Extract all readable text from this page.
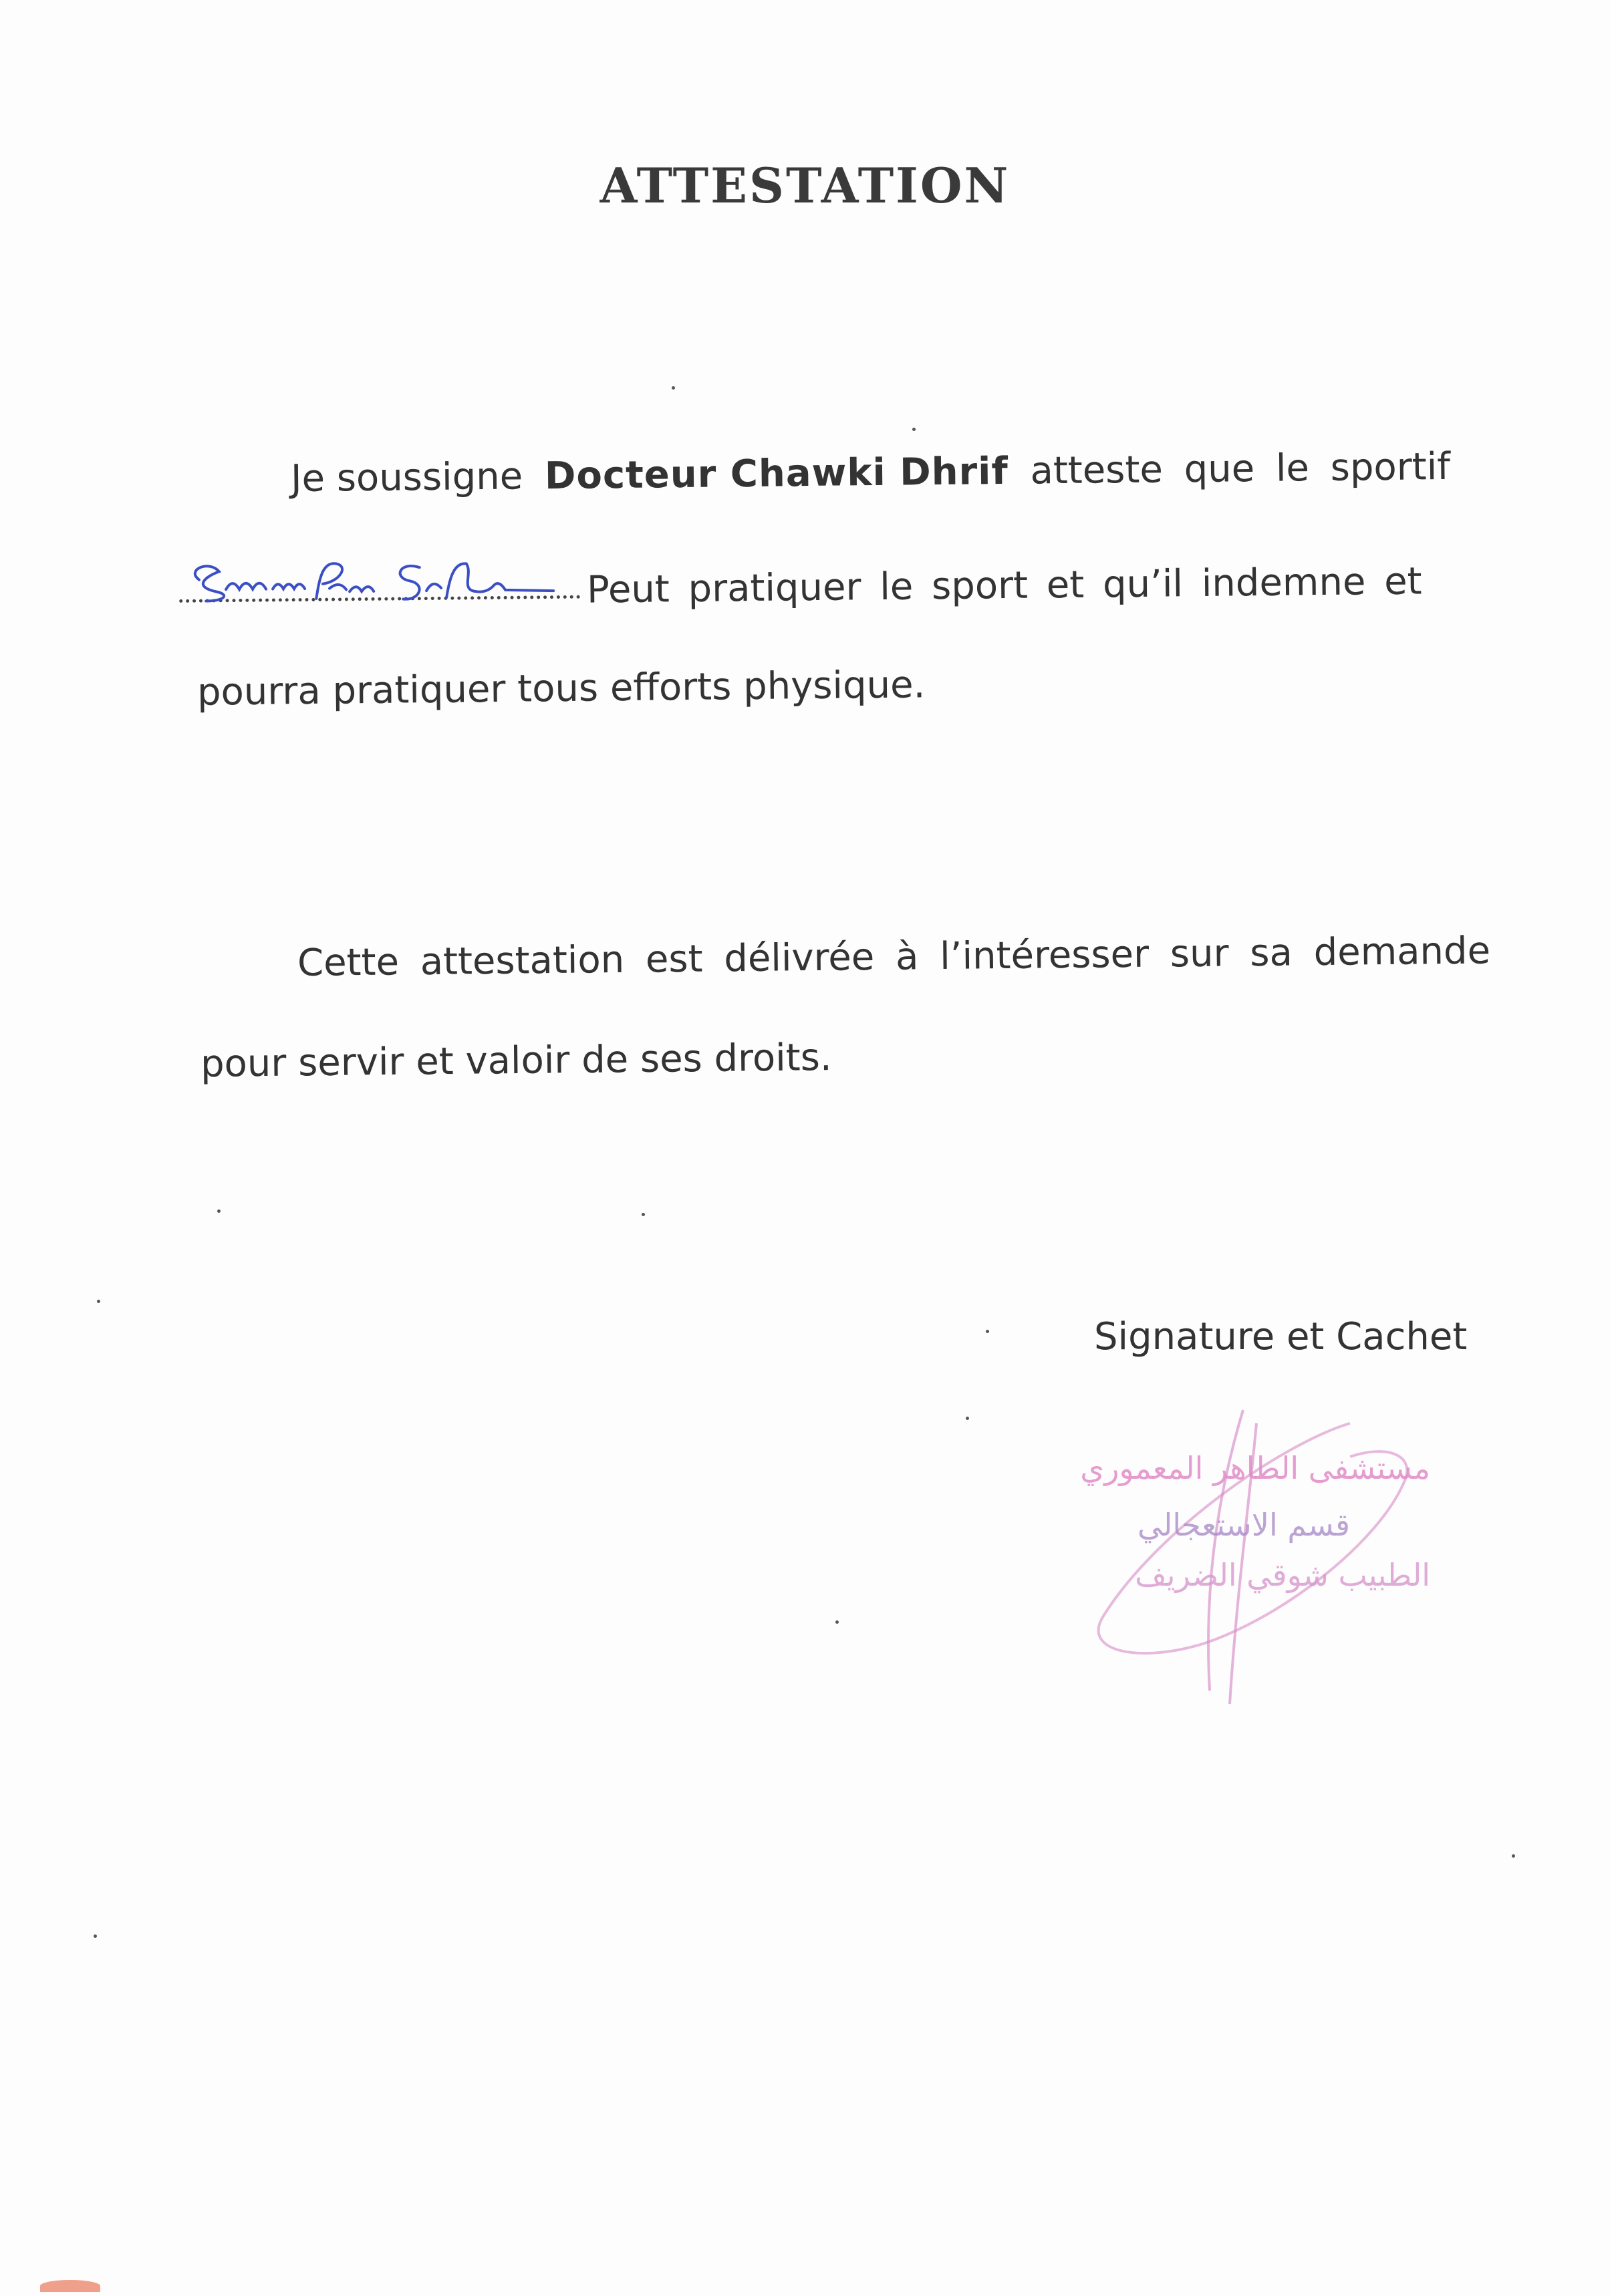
ATTESTATION
Je soussigne Docteur Chawki Dhrif atteste que le sportif
Peut pratiquer le sport et qu’il indemne et
pourra pratiquer tous efforts physique.
Cette attestation est délivrée à l’intéresser sur sa demande
pour servir et valoir de ses droits.
Signature et Cachet
مستشفى الطاهر المعموري
قسم الاستعجالي
الطبيب شوقي الضريف
